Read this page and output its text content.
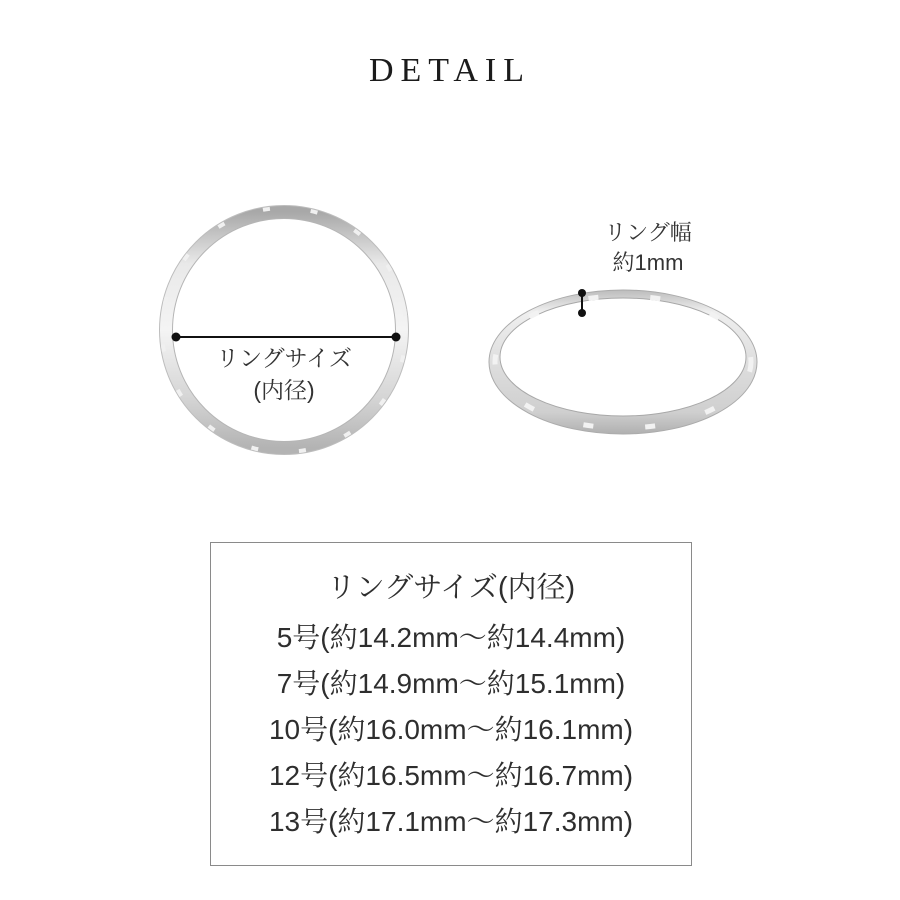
DETAIL
リングサイズ
(内径)
リング幅
約1mm
リングサイズ(内径)
5号(約14.2mm〜約14.4mm)
7号(約14.9mm〜約15.1mm)
10号(約16.0mm〜約16.1mm)
12号(約16.5mm〜約16.7mm)
13号(約17.1mm〜約17.3mm)
